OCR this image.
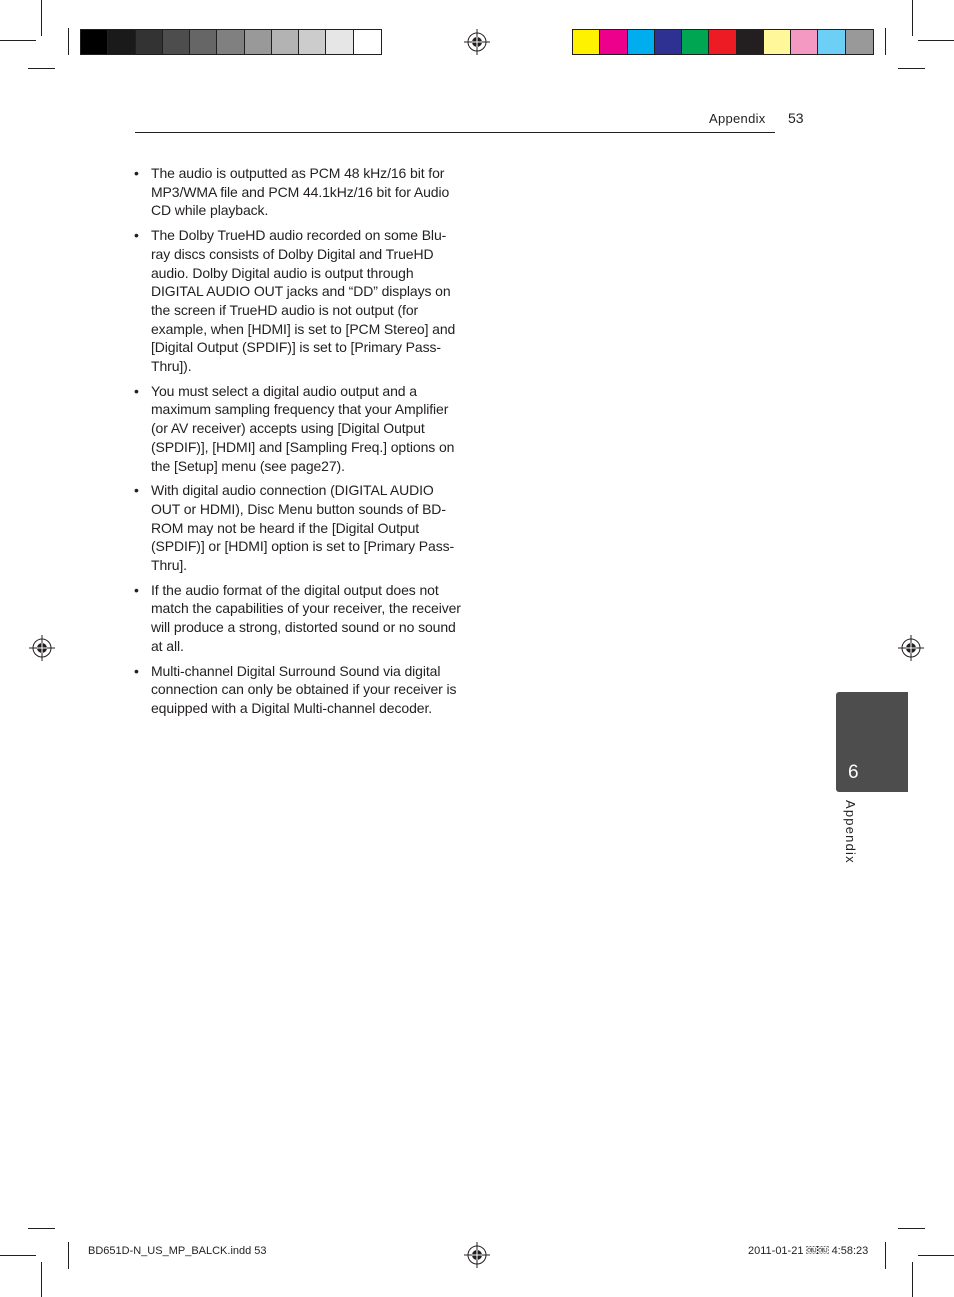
Appendix 53
• The audio is outputted as PCM 48 kHz/16 bit for MP3/WMA file and PCM 44.1kHz/16 bit for Audio CD while playback.
• The Dolby TrueHD audio recorded on some Blu-ray discs consists of Dolby Digital and TrueHD audio. Dolby Digital audio is output through DIGITAL AUDIO OUT jacks and “DD” displays on the screen if TrueHD audio is not output (for example, when [HDMI] is set to [PCM Stereo] and [Digital Output (SPDIF)] is set to [Primary Pass-Thru]).
• You must select a digital audio output and a maximum sampling frequency that your Amplifier (or AV receiver) accepts using [Digital Output (SPDIF)], [HDMI] and [Sampling Freq.] options on the [Setup] menu (see page27).
• With digital audio connection (DIGITAL AUDIO OUT or HDMI), Disc Menu button sounds of BD-ROM may not be heard if the [Digital Output (SPDIF)] or [HDMI] option is set to [Primary Pass-Thru].
• If the audio format of the digital output does not match the capabilities of your receiver, the receiver will produce a strong, distorted sound or no sound at all.
• Multi-channel Digital Surround Sound via digital connection can only be obtained if your receiver is equipped with a Digital Multi-channel decoder.
6
Appendix
BD651D-N_US_MP_BALCK.indd 53	2011-01-21 ￼￼ 4:58:23
